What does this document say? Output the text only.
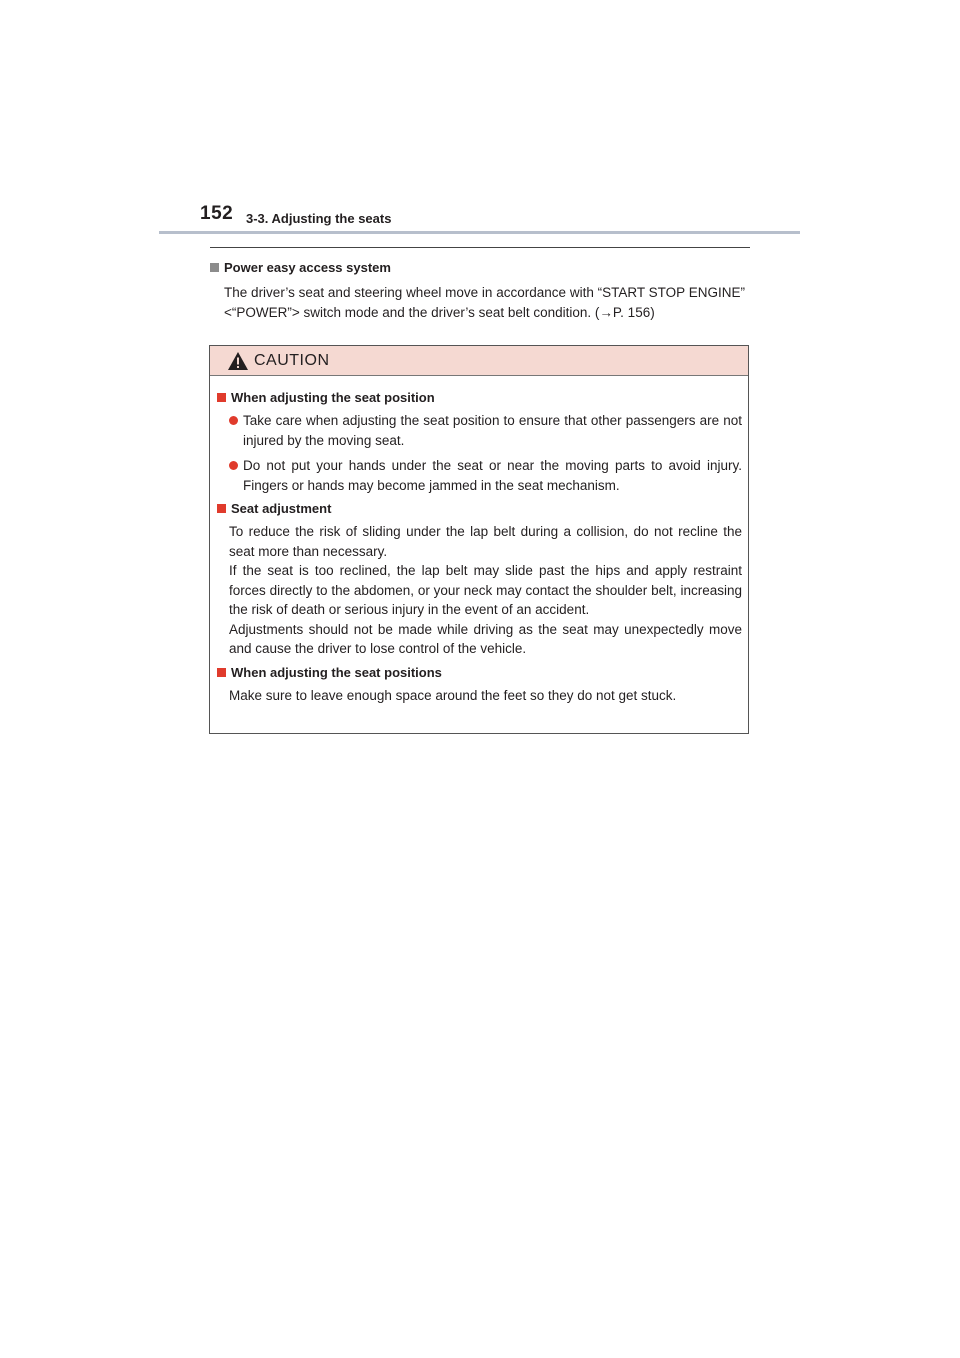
152 3-3. Adjusting the seats
Power easy access system
The driver’s seat and steering wheel move in accordance with “START STOP ENGINE” <“POWER”> switch mode and the driver’s seat belt condition. (→P. 156)
CAUTION
When adjusting the seat position
Take care when adjusting the seat position to ensure that other passengers are not injured by the moving seat.
Do not put your hands under the seat or near the moving parts to avoid injury. Fingers or hands may become jammed in the seat mechanism.
Seat adjustment
To reduce the risk of sliding under the lap belt during a collision, do not recline the seat more than necessary.
If the seat is too reclined, the lap belt may slide past the hips and apply restraint forces directly to the abdomen, or your neck may contact the shoulder belt, increasing the risk of death or serious injury in the event of an accident.
Adjustments should not be made while driving as the seat may unexpectedly move and cause the driver to lose control of the vehicle.
When adjusting the seat positions
Make sure to leave enough space around the feet so they do not get stuck.
